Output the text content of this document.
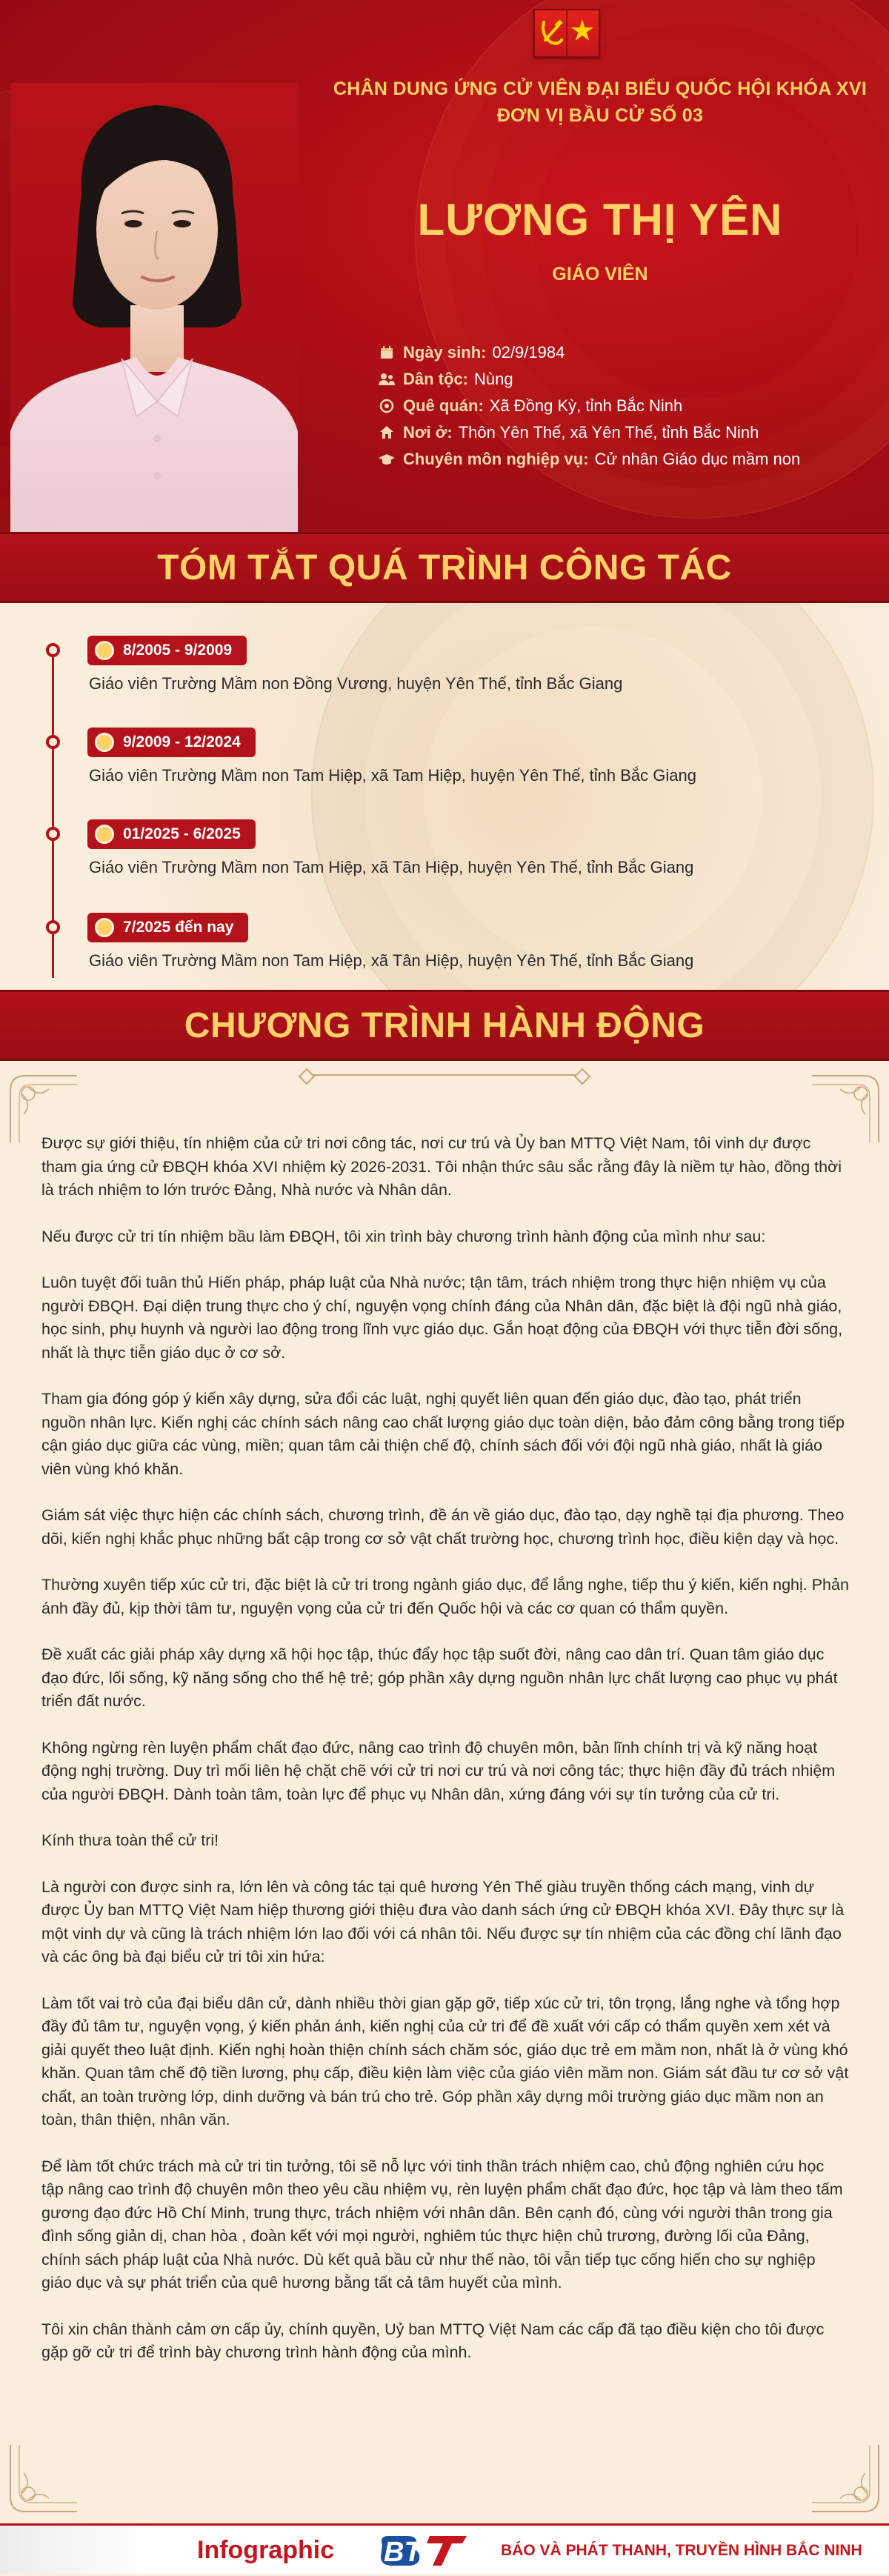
CHÂN DUNG ỨNG CỬ VIÊN ĐẠI BIỂU QUỐC HỘI KHÓA XVI
ĐƠN VỊ BẦU CỬ SỐ 03
LƯƠNG THỊ YÊN
GIÁO VIÊN
Ngày sinh: 02/9/1984
Dân tộc: Nùng
Quê quán: Xã Đồng Kỳ, tỉnh Bắc Ninh
Nơi ở: Thôn Yên Thế, xã Yên Thế, tỉnh Bắc Ninh
Chuyên môn nghiệp vụ: Cử nhân Giáo dục mầm non
TÓM TẮT QUÁ TRÌNH CÔNG TÁC
8/2005 - 9/2009
Giáo viên Trường Mầm non Đồng Vương, huyện Yên Thế, tỉnh Bắc Giang
9/2009 - 12/2024
Giáo viên Trường Mầm non Tam Hiệp, xã Tam Hiệp, huyện Yên Thế, tỉnh Bắc Giang
01/2025 - 6/2025
Giáo viên Trường Mầm non Tam Hiệp, xã Tân Hiệp, huyện Yên Thế, tỉnh Bắc Giang
7/2025 đến nay
Giáo viên Trường Mầm non Tam Hiệp, xã Tân Hiệp, huyện Yên Thế, tỉnh Bắc Giang
CHƯƠNG TRÌNH HÀNH ĐỘNG

Được sự giới thiệu, tín nhiệm của cử tri nơi công tác, nơi cư trú và Ủy ban MTTQ Việt Nam, tôi vinh dự được tham gia ứng cử ĐBQH khóa XVI nhiệm kỳ 2026-2031. Tôi nhận thức sâu sắc rằng đây là niềm tự hào, đồng thời là trách nhiệm to lớn trước Đảng, Nhà nước và Nhân dân.

Nếu được cử tri tín nhiệm bầu làm ĐBQH, tôi xin trình bày chương trình hành động của mình như sau:

Luôn tuyệt đối tuân thủ Hiến pháp, pháp luật của Nhà nước; tận tâm, trách nhiệm trong thực hiện nhiệm vụ của người ĐBQH. Đại diện trung thực cho ý chí, nguyện vọng chính đáng của Nhân dân, đặc biệt là đội ngũ nhà giáo, học sinh, phụ huynh và người lao động trong lĩnh vực giáo dục. Gắn hoạt động của ĐBQH với thực tiễn đời sống, nhất là thực tiễn giáo dục ở cơ sở.

Tham gia đóng góp ý kiến xây dựng, sửa đổi các luật, nghị quyết liên quan đến giáo dục, đào tạo, phát triển nguồn nhân lực. Kiến nghị các chính sách nâng cao chất lượng giáo dục toàn diện, bảo đảm công bằng trong tiếp cận giáo dục giữa các vùng, miền; quan tâm cải thiện chế độ, chính sách đối với đội ngũ nhà giáo, nhất là giáo viên vùng khó khăn.

Giám sát việc thực hiện các chính sách, chương trình, đề án về giáo dục, đào tạo, dạy nghề tại địa phương. Theo dõi, kiến nghị khắc phục những bất cập trong cơ sở vật chất trường học, chương trình học, điều kiện dạy và học.

Thường xuyên tiếp xúc cử tri, đặc biệt là cử tri trong ngành giáo dục, để lắng nghe, tiếp thu ý kiến, kiến nghị. Phản ánh đầy đủ, kịp thời tâm tư, nguyện vọng của cử tri đến Quốc hội và các cơ quan có thẩm quyền.

Đề xuất các giải pháp xây dựng xã hội học tập, thúc đẩy học tập suốt đời, nâng cao dân trí. Quan tâm giáo dục đạo đức, lối sống, kỹ năng sống cho thế hệ trẻ; góp phần xây dựng nguồn nhân lực chất lượng cao phục vụ phát triển đất nước.

Không ngừng rèn luyện phẩm chất đạo đức, nâng cao trình độ chuyên môn, bản lĩnh chính trị và kỹ năng hoạt động nghị trường. Duy trì mối liên hệ chặt chẽ với cử tri nơi cư trú và nơi công tác; thực hiện đầy đủ trách nhiệm của người ĐBQH. Dành toàn tâm, toàn lực để phục vụ Nhân dân, xứng đáng với sự tín tưởng của cử tri.

Kính thưa toàn thể cử tri!

Là người con được sinh ra, lớn lên và công tác tại quê hương Yên Thế giàu truyền thống cách mạng, vinh dự được Ủy ban MTTQ Việt Nam hiệp thương giới thiệu đưa vào danh sách ứng cử ĐBQH khóa XVI. Đây thực sự là một vinh dự và cũng là trách nhiệm lớn lao đối với cá nhân tôi. Nếu được sự tín nhiệm của các đồng chí lãnh đạo và các ông bà đại biểu cử tri tôi xin hứa:

Làm tốt vai trò của đại biểu dân cử, dành nhiều thời gian gặp gỡ, tiếp xúc cử tri, tôn trọng, lắng nghe và tổng hợp đầy đủ tâm tư, nguyện vọng, ý kiến phản ánh, kiến nghị của cử tri để đề xuất với cấp có thẩm quyền xem xét và giải quyết theo luật định. Kiến nghị hoàn thiện chính sách chăm sóc, giáo dục trẻ em mầm non, nhất là ở vùng khó khăn. Quan tâm chế độ tiền lương, phụ cấp, điều kiện làm việc của giáo viên mầm non. Giám sát đầu tư cơ sở vật chất, an toàn trường lớp, dinh dưỡng và bán trú cho trẻ. Góp phần xây dựng môi trường giáo dục mầm non an toàn, thân thiện, nhân văn.

Để làm tốt chức trách mà cử tri tin tưởng, tôi sẽ nỗ lực với tinh thần trách nhiệm cao, chủ động nghiên cứu học tập nâng cao trình độ chuyên môn theo yêu cầu nhiệm vụ, rèn luyện phẩm chất đạo đức, học tập và làm theo tấm gương đạo đức Hồ Chí Minh, trung thực, trách nhiệm với nhân dân. Bên cạnh đó, cùng với người thân trong gia đình sống giản dị, chan hòa , đoàn kết với mọi người, nghiêm túc thực hiện chủ trương, đường lối của Đảng, chính sách pháp luật của Nhà nước. Dù kết quả bầu cử như thế nào, tôi vẫn tiếp tục cống hiến cho sự nghiệp giáo dục và sự phát triển của quê hương bằng tất cả tâm huyết của mình.

Tôi xin chân thành cảm ơn cấp ủy, chính quyền, Uỷ ban MTTQ Việt Nam các cấp đã tạo điều kiện cho tôi được gặp gỡ cử tri để trình bày chương trình hành động của mình.

Infographic BTV	BÁO VÀ PHÁT THANH, TRUYỀN HÌNH BẮC NINH
